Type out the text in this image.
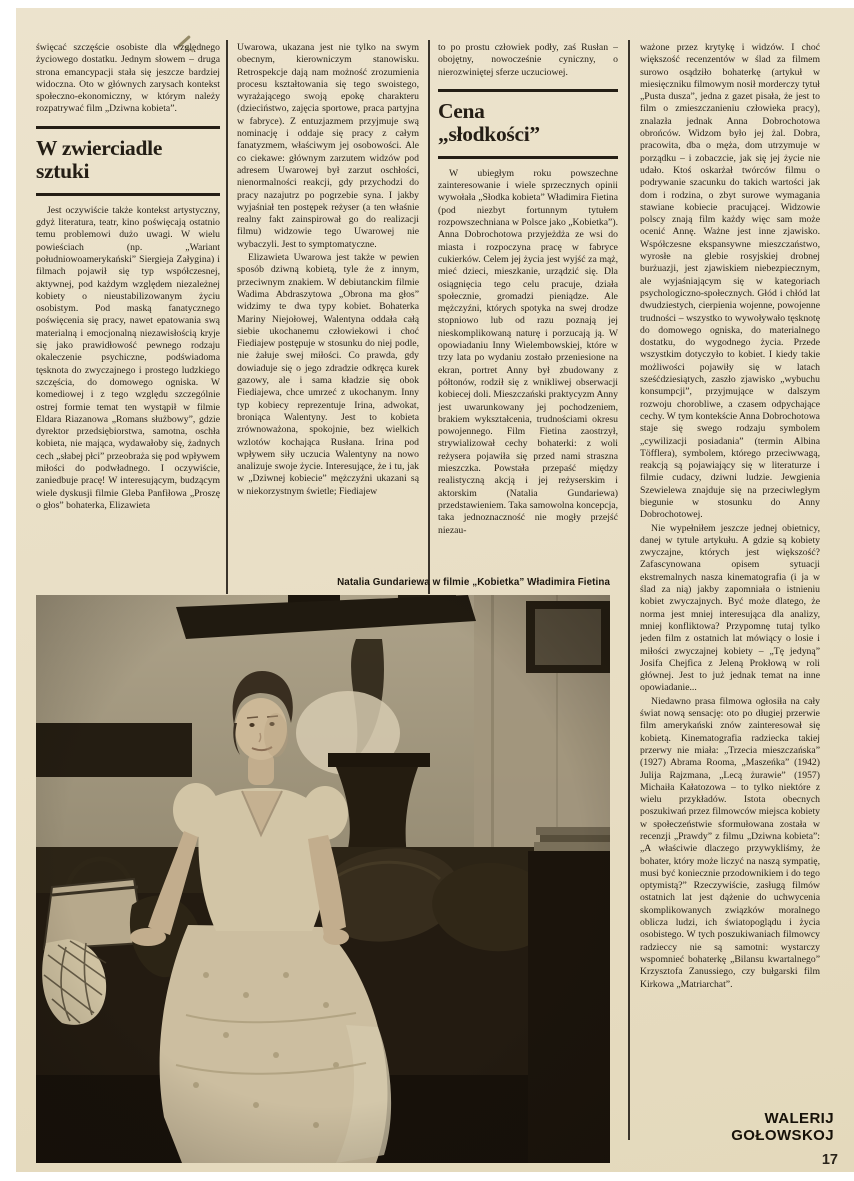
święcać szczęście osobiste dla względnego życiowego dostatku. Jednym słowem – druga strona emancypacji stała się jeszcze bardziej widoczna. Oto w głównych zarysach kontekst społeczno-ekonomiczny, w którym należy rozpatrywać film „Dziwna kobieta”.

W zwierciadle
sztuki

Jest oczywiście także kontekst artystyczny, gdyż literatura, teatr, kino poświęcają ostatnio temu problemowi dużo uwagi. W wielu powieściach (np. „Wariant południowoamerykański” Siergieja Załygina) i filmach pojawił się typ współczesnej, aktywnej, pod każdym względem niezależnej kobiety o nieustabilizowanym życiu osobistym. Pod maską fanatycznego poświęcenia się pracy, nawet epatowania swą materialną i emocjonalną niezawisłością kryje się jako prawidłowość pewnego rodzaju okaleczenie psychiczne, podświadoma tęsknota do zwyczajnego i prostego ludzkiego szczęścia, do domowego ogniska. W komediowej i z tego względu szczególnie ostrej formie temat ten wystąpił w filmie Eldara Riazanowa „Romans służbowy”, gdzie dyrektor przedsiębiorstwa, samotna, oschła kobieta, nie mająca, wydawałoby się, żadnych cech „słabej płci” przeobraża się pod wpływem miłości do podwładnego. I oczywiście, zaniedbuje pracę! W interesującym, budzącym wiele dyskusji filmie Gleba Panfiłowa „Proszę o głos” bohaterka, Elizawieta

Uwarowa, ukazana jest nie tylko na swym obecnym, kierowniczym stanowisku. Retrospekcje dają nam możność zrozumienia procesu kształtowania się tego swoistego, wyrażającego swoją epokę charakteru (dzieciństwo, zajęcia sportowe, praca partyjna w fabryce). Z entuzjazmem przyjmuje swą nominację i oddaje się pracy z całym fanatyzmem, właściwym jej osobowości. Ale co ciekawe: głównym zarzutem widzów pod adresem Uwarowej był zarzut oschłości, nienormalności reakcji, gdy przychodzi do pracy nazajutrz po pogrzebie syna. I jakby wyjaśniał ten postępek reżyser (a ten właśnie realny fakt zainspirował go do realizacji filmu) widzowie tego Uwarowej nie wybaczyli. Jest to symptomatyczne.

Elizawieta Uwarowa jest także w pewien sposób dziwną kobietą, tyle że z innym, przeciwnym znakiem. W debiutanckim filmie Wadima Abdraszytowa „Obrona ma głos” widzimy te dwa typy kobiet. Bohaterka Mariny Niejołowej, Walentyna oddała całą siebie ukochanemu człowiekowi i choć Fiediajew postępuje w stosunku do niej podle, nie żałuje swej miłości. Co prawda, gdy dowiaduje się o jego zdradzie odkręca kurek gazowy, ale i sama kładzie się obok Fiediajewa, chce umrzeć z ukochanym. Inny typ kobiecy reprezentuje Irina, adwokat, broniąca Walentyny. Jest to kobieta zrównoważona, spokojnie, bez wielkich wzlotów kochająca Rusłana. Irina pod wpływem siły uczucia Walentyny na nowo analizuje swoje życie. Interesujące, że i tu, jak w „Dziwnej kobiecie” mężczyźni ukazani są w niekorzystnym świetle; Fiediajew

to po prostu człowiek podły, zaś Rusłan – obojętny, nowocześnie cyniczny, o nierozwiniętej sferze uczuciowej.

Cena
„słodkości”

W ubiegłym roku powszechne zainteresowanie i wiele sprzecznych opinii wywołała „Słodka kobieta” Władimira Fietina (pod niezbyt fortunnym tytułem rozpowszechniana w Polsce jako „Kobietka”). Anna Dobrochotowa przyjeżdża ze wsi do miasta i rozpoczyna pracę w fabryce cukierków. Celem jej życia jest wyjść za mąż, mieć dzieci, mieszkanie, urządzić się. Dla osiągnięcia tego celu pracuje, działa społecznie, gromadzi pieniądze. Ale mężczyźni, których spotyka na swej drodze stopniowo lub od razu poznają jej nieskomplikowaną naturę i porzucają ją. W opowiadaniu Inny Wielembowskiej, które w trzy lata po wydaniu zostało przeniesione na ekran, portret Anny był zbudowany z półtonów, rodził się z wnikliwej obserwacji kobiecej doli. Mieszczański praktycyzm Anny jest uwarunkowany jej pochodzeniem, brakiem wykształcenia, trudnościami okresu powojennego. Film Fietina zaostrzył, strywializował cechy bohaterki: z woli reżysera pojawiła się przed nami straszna mieszczka. Powstała przepaść między realistyczną akcją i jej reżyserskim i aktorskim (Natalia Gundariewa) przedstawieniem. Taka samowolna koncepcja, taka jednoznaczność nie mogły przejść niezau-

ważone przez krytykę i widzów. I choć większość recenzentów w ślad za filmem surowo osądziło bohaterkę (artykuł w miesięczniku filmowym nosił morderczy tytuł „Pusta dusza”, jedna z gazet pisała, że jest to film o zmieszczanieniu człowieka pracy), znalazła jednak Anna Dobrochotowa obrońców. Widzom było jej żal. Dobra, pracowita, dba o męża, dom utrzymuje w porządku – i zobaczcie, jak się jej życie nie udało. Ktoś oskarżał twórców filmu o podrywanie szacunku do takich wartości jak dom i rodzina, o zbyt surowe wymagania stawiane kobiecie pracującej. Widzowie polscy znają film każdy więc sam może ocenić Annę. Ważne jest inne zjawisko. Współczesne ekspansywne mieszczaństwo, wyrosłe na glebie rosyjskiej drobnej burżuazji, jest zjawiskiem niebezpiecznym, ale wyjaśniającym się w kategoriach psychologiczno-społecznych. Głód i chłód lat dwudziestych, cierpienia wojenne, powojenne trudności – wszystko to wywoływało tęsknotę do domowego ogniska, do materialnego dostatku, do wygodnego życia. Przede wszystkim dotyczyło to kobiet. I kiedy takie możliwości pojawiły się w latach sześćdziesiątych, zaszło zjawisko „wybuchu konsumpcji”, przyjmujące w dalszym rozwoju chorobliwe, a czasem odpychające cechy. W tym kontekście Anna Dobrochotowa staje się swego rodzaju symbolem „cywilizacji posiadania” (termin Albina Töfflera), symbolem, którego przeciwwagą, reakcją są pojawiający się w literaturze i filmie cudacy, dziwni ludzie. Jewgienia Szewielewa znajduje się na przeciwległym biegunie w stosunku do Anny Dobrochotowej.

Nie wypełniłem jeszcze jednej obietnicy, danej w tytule artykułu. A gdzie są kobiety zwyczajne, których jest większość? Zafascynowana opisem sytuacji ekstremalnych nasza kinematografia (i ja w ślad za nią) jakby zapomniała o istnieniu kobiet zwyczajnych. Być może dlatego, że norma jest mniej interesująca dla analizy, mniej konfliktowa? Przypomnę tutaj tylko jeden film z ostatnich lat mówiący o losie i miłości zwyczajnej kobiety – „Tę jedyną” Josifa Chejfica z Jeleną Prokłową w roli głównej. Jest to już jednak temat na inne opowiadanie...

Niedawno prasa filmowa ogłosiła na cały świat nową sensację: oto po długiej przerwie film amerykański znów zainteresował się kobietą. Kinematografia radziecka takiej przerwy nie miała: „Trzecia mieszczańska” (1927) Abrama Rooma, „Maszeńka” (1942) Julija Rajzmana, „Lecą żurawie” (1957) Michaiła Kałatozowa – to tylko niektóre z wielu przykładów. Istota obecnych poszukiwań przez filmowców miejsca kobiety w społeczeństwie sformułowana została w recenzji „Prawdy” z filmu „Dziwna kobieta”: „A właściwie dlaczego przywykliśmy, że bohater, który może liczyć na naszą sympatię, musi być koniecznie przodownikiem i do tego optymistą?” Rzeczywiście, zasługą filmów ostatnich lat jest dążenie do uchwycenia skomplikowanych związków moralnego oblicza ludzi, ich światopoglądu i życia osobistego. W tych poszukiwaniach filmowcy radzieccy nie są samotni: wystarczy wspomnieć bohaterkę „Bilansu kwartalnego” Krzysztofa Zanussiego, czy bułgarski film Kirkowa „Matriarchat”.

Natalia Gundariewa w filmie „Kobietka” Władimira Fietina
WALERIJ
GOŁOWSKOJ
17
